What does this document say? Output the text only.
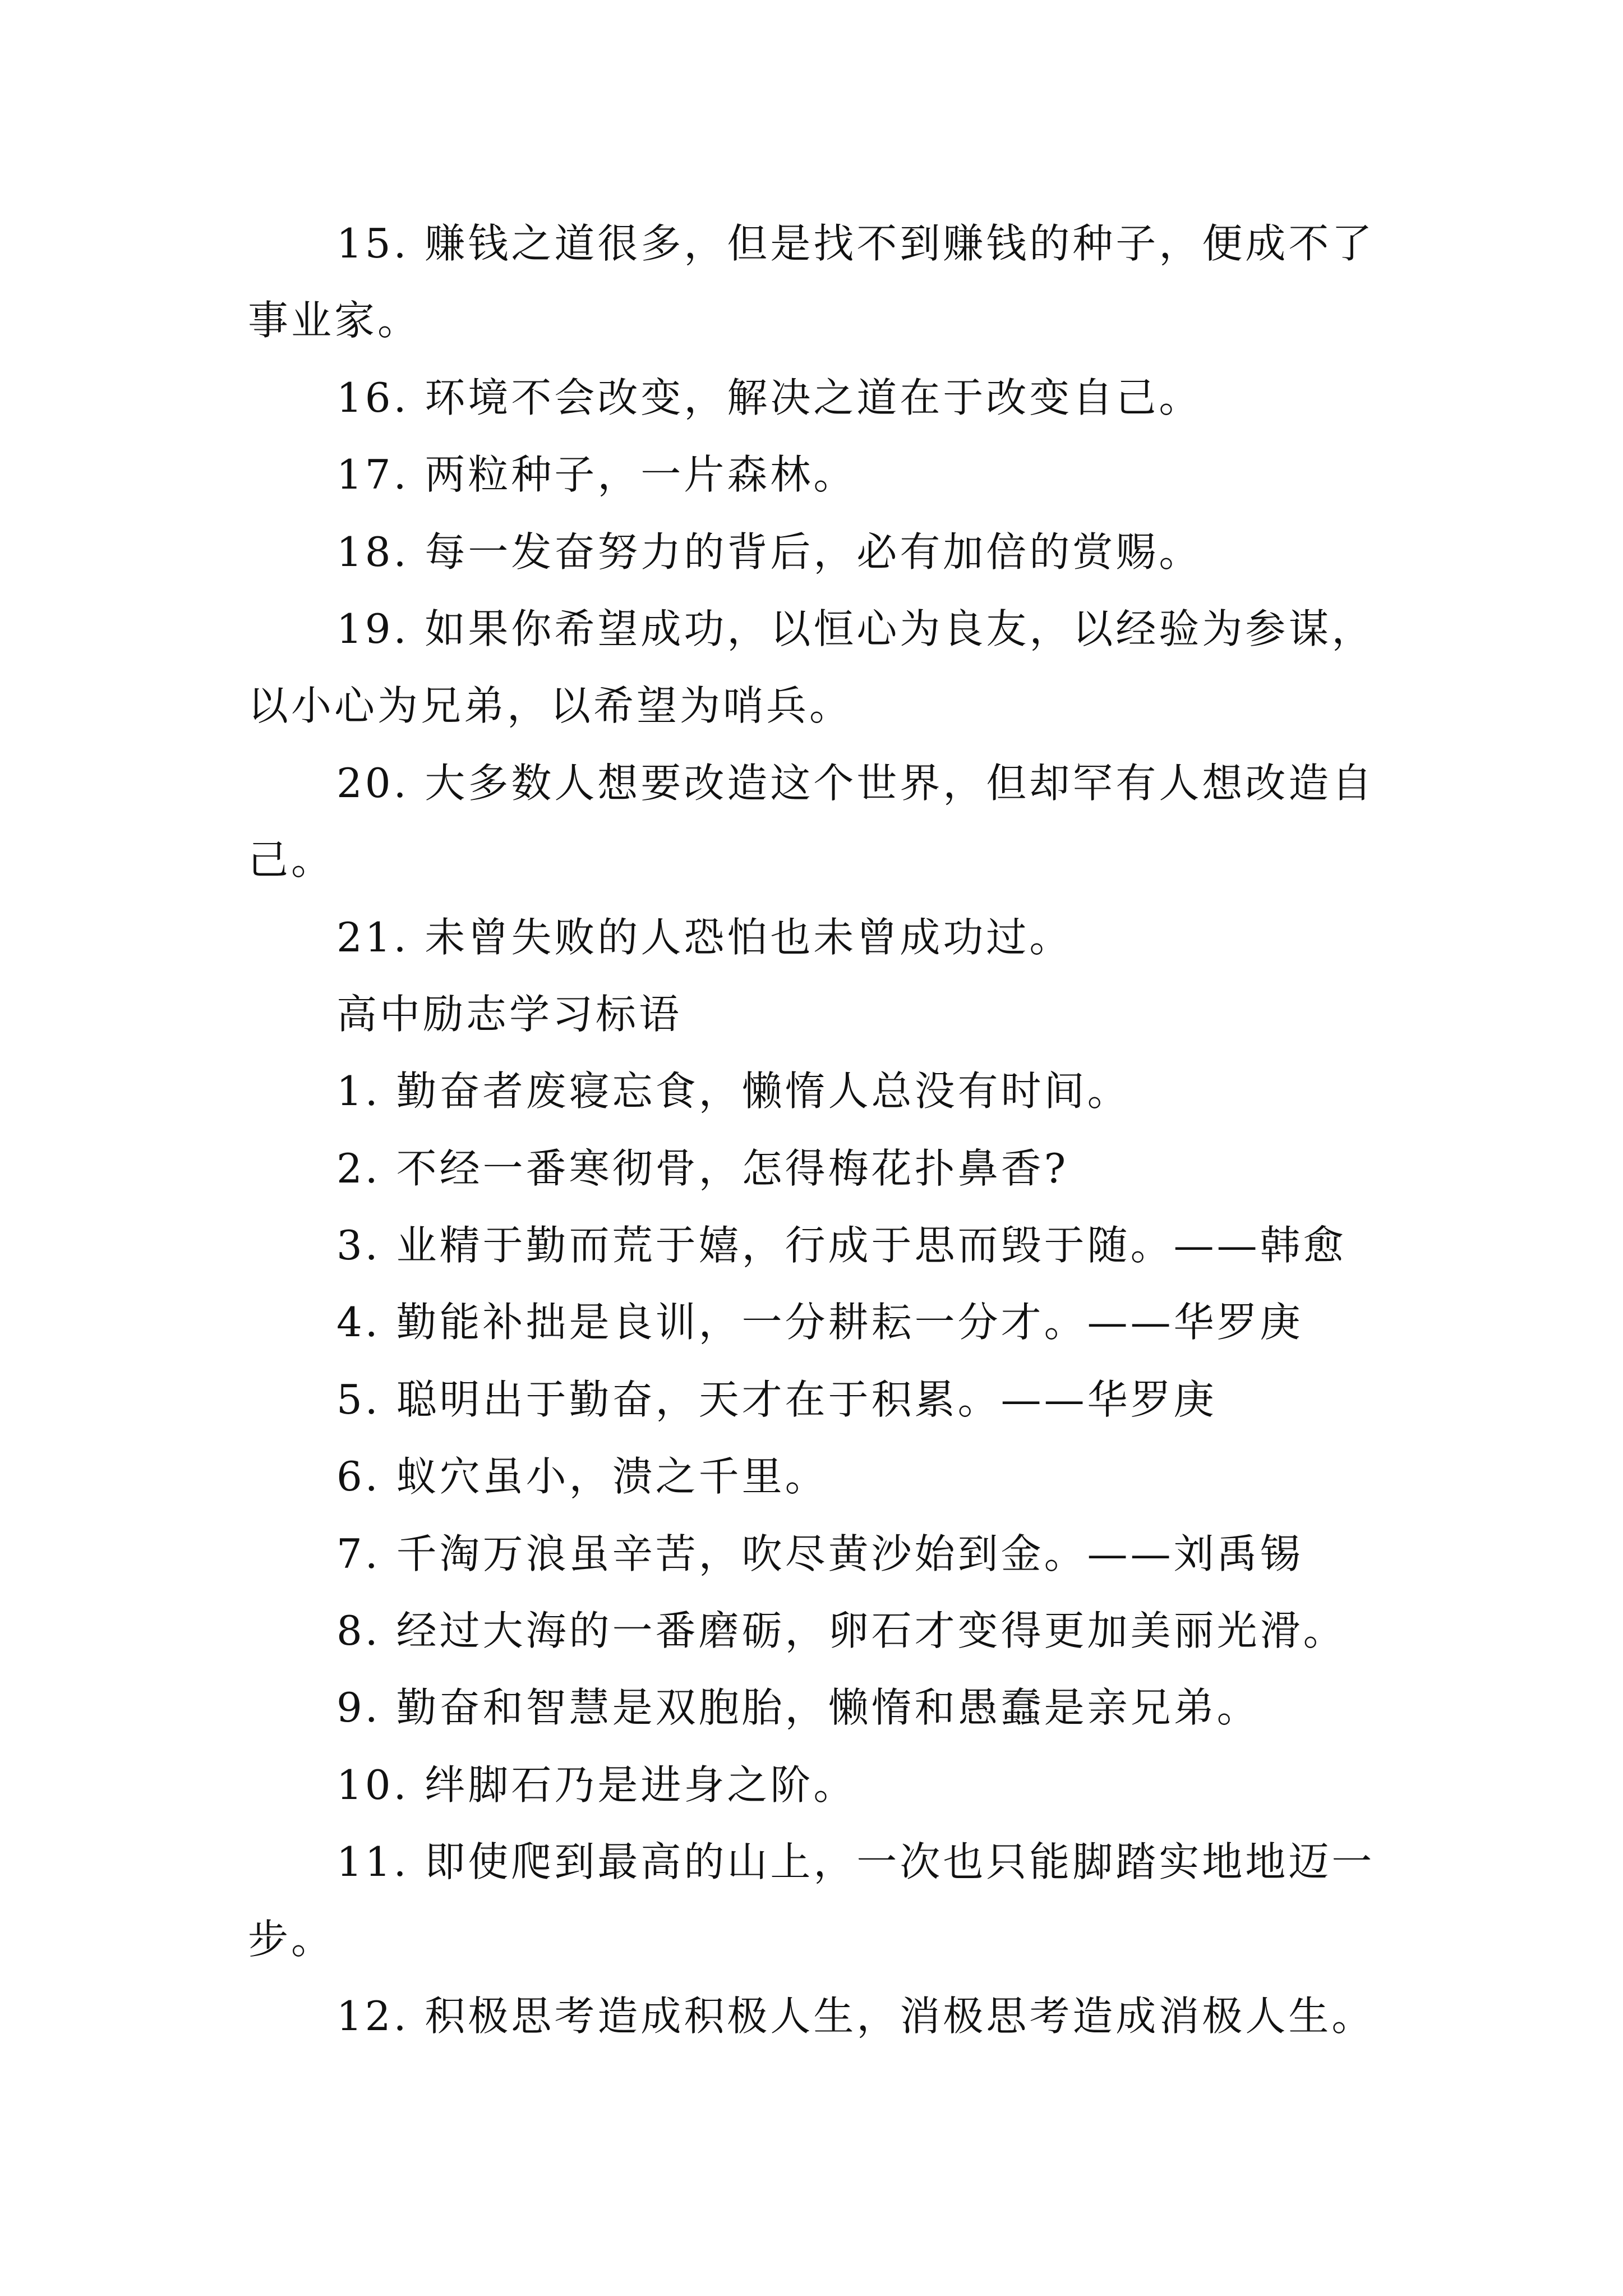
15. 赚钱之道很多，但是找不到赚钱的种子，便成不了
事业家。
16. 环境不会改变，解决之道在于改变自己。
17. 两粒种子，一片森林。
18. 每一发奋努力的背后，必有加倍的赏赐。
19. 如果你希望成功，以恒心为良友，以经验为参谋，
以小心为兄弟，以希望为哨兵。
20. 大多数人想要改造这个世界，但却罕有人想改造自
己。
21. 未曾失败的人恐怕也未曾成功过。
高中励志学习标语
1. 勤奋者废寝忘食，懒惰人总没有时间。
2. 不经一番寒彻骨，怎得梅花扑鼻香?
3. 业精于勤而荒于嬉，行成于思而毁于随。——韩愈
4. 勤能补拙是良训，一分耕耘一分才。——华罗庚
5. 聪明出于勤奋，天才在于积累。——华罗庚
6. 蚁穴虽小，溃之千里。
7. 千淘万浪虽辛苦，吹尽黄沙始到金。——刘禹锡
8. 经过大海的一番磨砺，卵石才变得更加美丽光滑。
9. 勤奋和智慧是双胞胎，懒惰和愚蠢是亲兄弟。
10. 绊脚石乃是进身之阶。
11. 即使爬到最高的山上，一次也只能脚踏实地地迈一
步。
12. 积极思考造成积极人生，消极思考造成消极人生。
